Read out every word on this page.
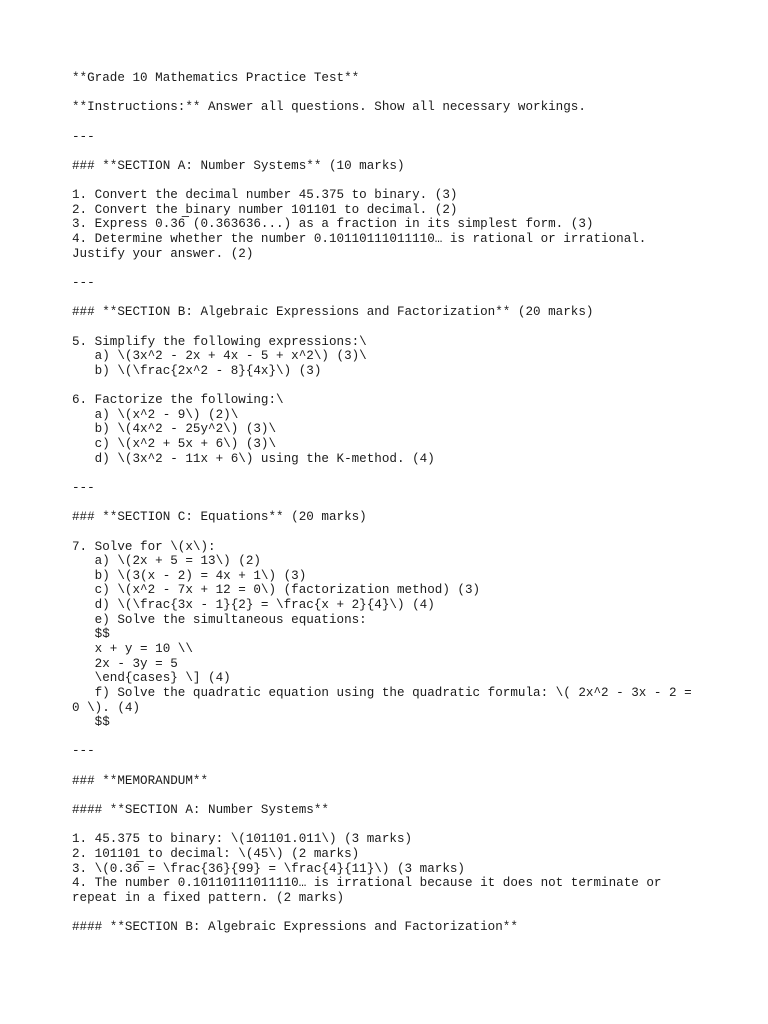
**Grade 10 Mathematics Practice Test**
**Instructions:** Answer all questions. Show all necessary workings.
---
### **SECTION A: Number Systems** (10 marks)
1. Convert the decimal number 45.375 to binary. (3)
2. Convert the binary number 101101 to decimal. (2)
3. Express 0.36̅ (0.363636...) as a fraction in its simplest form. (3)
4. Determine whether the number 0.10110111011110… is rational or irrational.
Justify your answer. (2)
---
### **SECTION B: Algebraic Expressions and Factorization** (20 marks)
5. Simplify the following expressions:\
a) \(3x^2 - 2x + 4x - 5 + x^2\) (3)\
b) \(\frac{2x^2 - 8}{4x}\) (3)
6. Factorize the following:\
a) \(x^2 - 9\) (2)\
b) \(4x^2 - 25y^2\) (3)\
c) \(x^2 + 5x + 6\) (3)\
d) \(3x^2 - 11x + 6\) using the K-method. (4)
---
### **SECTION C: Equations** (20 marks)
7. Solve for \(x\):
a) \(2x + 5 = 13\) (2)
b) \(3(x - 2) = 4x + 1\) (3)
c) \(x^2 - 7x + 12 = 0\) (factorization method) (3)
d) \(\frac{3x - 1}{2} = \frac{x + 2}{4}\) (4)
e) Solve the simultaneous equations:
$$
x + y = 10 \\
2x - 3y = 5
\end{cases} \] (4)
f) Solve the quadratic equation using the quadratic formula: \( 2x^2 - 3x - 2 =
0 \). (4)
$$
---
### **MEMORANDUM**
#### **SECTION A: Number Systems**
1. 45.375 to binary: \(101101.011\) (3 marks)
2. 101101 to decimal: \(45\) (2 marks)
3. \(0.36̅ = \frac{36}{99} = \frac{4}{11}\) (3 marks)
4. The number 0.10110111011110… is irrational because it does not terminate or
repeat in a fixed pattern. (2 marks)
#### **SECTION B: Algebraic Expressions and Factorization**
